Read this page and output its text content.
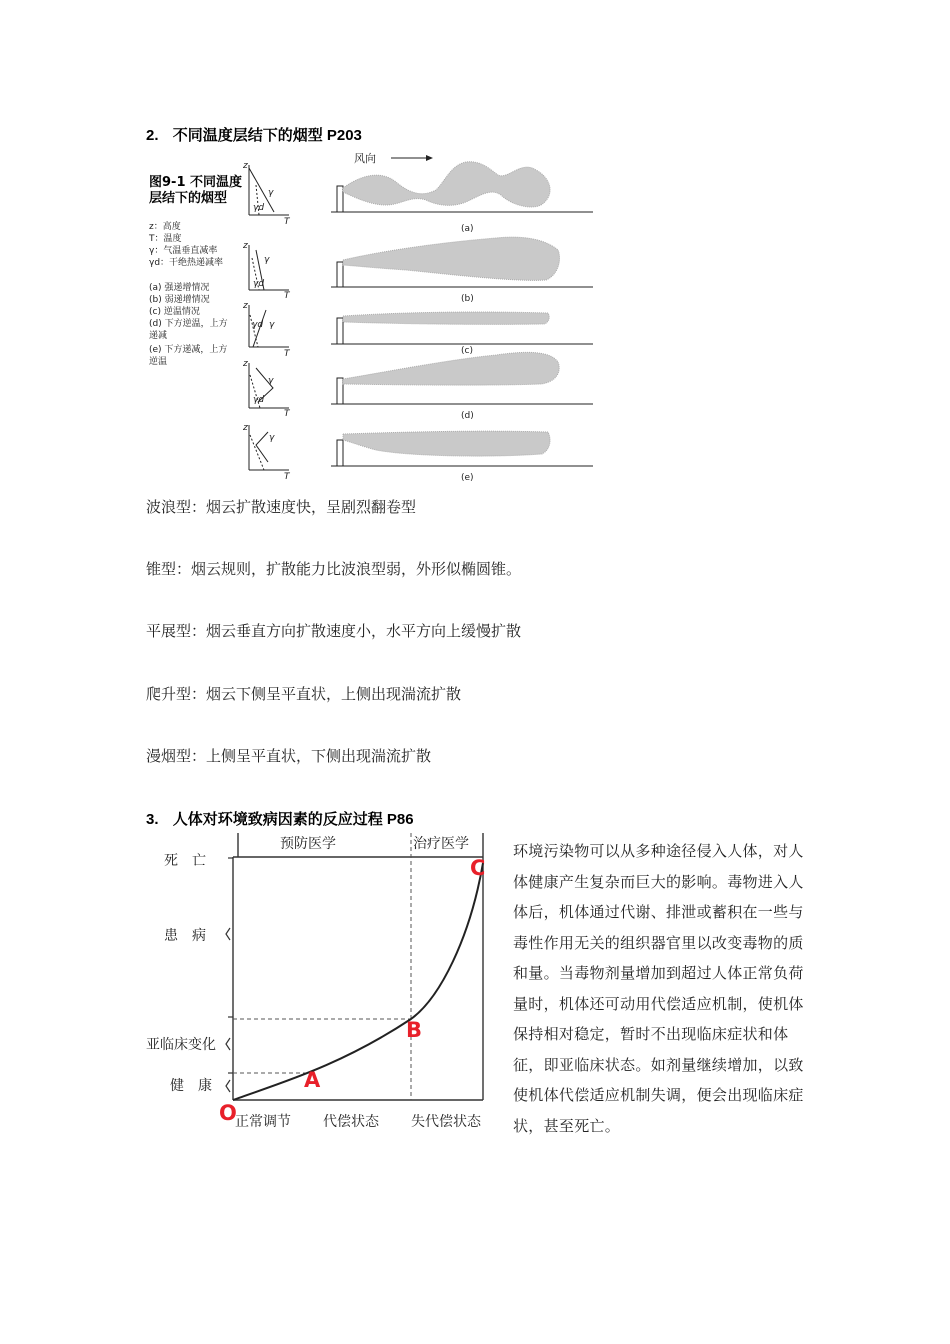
2. 不同温度层结下的烟型 P203
图9-1 不同温度
层结下的烟型
z：高度
T：温度
γ：气温垂直减率
γd：干绝热递减率
(a) 强递增情况
(b) 弱递增情况
(c) 逆温情况
(d) 下方逆温，上方
递减
(e) 下方递减，上方
逆温
风向
z
T
γ
γd
z
T
γ
γd
z
T
γd γ
z
T
γ
γd
z
T
γ
(a)
(b)
(c)
(d)
(e)
波浪型：烟云扩散速度快，呈剧烈翻卷型
锥型：烟云规则，扩散能力比波浪型弱，外形似椭圆锥。
平展型：烟云垂直方向扩散速度小，水平方向上缓慢扩散
爬升型：烟云下侧呈平直状，上侧出现湍流扩散
漫烟型：上侧呈平直状，下侧出现湍流扩散
3. 人体对环境致病因素的反应过程 P86
预防医学	治疗医学
死　亡
患　病
亚临床变化
健　康
正常调节 代偿状态 失代偿状态
O
A
B
C
环境污染物可以从多种途径侵入人体，对人体健康产生复杂而巨大的影响。毒物进入人体后，机体通过代谢、排泄或蓄积在一些与毒性作用无关的组织器官里以改变毒物的质和量。当毒物剂量增加到超过人体正常负荷量时，机体还可动用代偿适应机制，使机体保持相对稳定，暂时不出现临床症状和体征，即亚临床状态。如剂量继续增加，以致使机体代偿适应机制失调，便会出现临床症状，甚至死亡。
